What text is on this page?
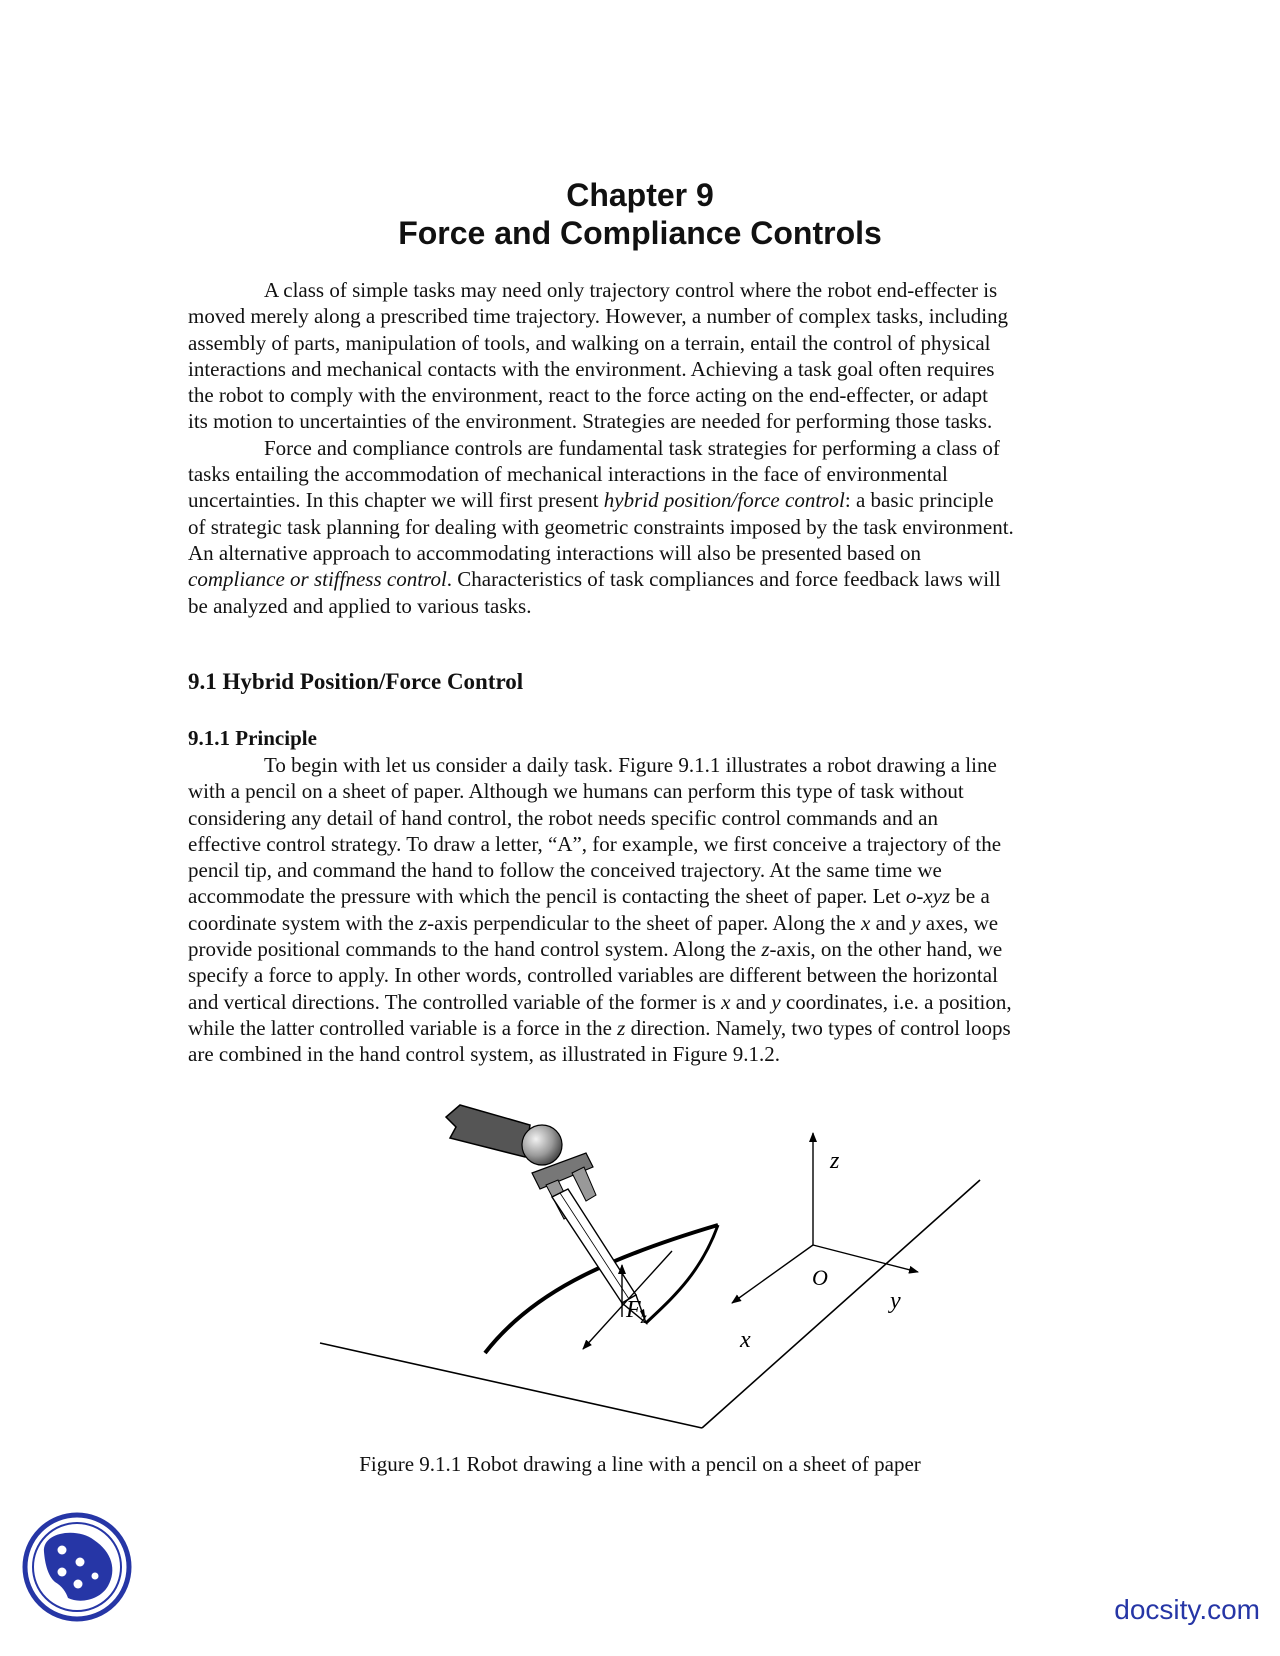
Chapter 9
Force and Compliance Controls
A class of simple tasks may need only trajectory control where the robot end-effecter is
moved merely along a prescribed time trajectory. However, a number of complex tasks, including
assembly of parts, manipulation of tools, and walking on a terrain, entail the control of physical
interactions and mechanical contacts with the environment. Achieving a task goal often requires
the robot to comply with the environment, react to the force acting on the end-effecter, or adapt
its motion to uncertainties of the environment. Strategies are needed for performing those tasks.
Force and compliance controls are fundamental task strategies for performing a class of
tasks entailing the accommodation of mechanical interactions in the face of environmental
uncertainties. In this chapter we will first present hybrid position/force control: a basic principle
of strategic task planning for dealing with geometric constraints imposed by the task environment.
An alternative approach to accommodating interactions will also be presented based on
compliance or stiffness control. Characteristics of task compliances and force feedback laws will
be analyzed and applied to various tasks.
9.1 Hybrid Position/Force Control
9.1.1 Principle
To begin with let us consider a daily task. Figure 9.1.1 illustrates a robot drawing a line
with a pencil on a sheet of paper. Although we humans can perform this type of task without
considering any detail of hand control, the robot needs specific control commands and an
effective control strategy. To draw a letter, “A”, for example, we first conceive a trajectory of the
pencil tip, and command the hand to follow the conceived trajectory. At the same time we
accommodate the pressure with which the pencil is contacting the sheet of paper. Let o-xyz be a
coordinate system with the z-axis perpendicular to the sheet of paper. Along the x and y axes, we
provide positional commands to the hand control system. Along the z-axis, on the other hand, we
specify a force to apply. In other words, controlled variables are different between the horizontal
and vertical directions. The controlled variable of the former is x and y coordinates, i.e. a position,
while the latter controlled variable is a force in the z direction. Namely, two types of control loops
are combined in the hand control system, as illustrated in Figure 9.1.2.
$F_z$
z
O
x
y
Figure 9.1.1 Robot drawing a line with a pencil on a sheet of paper
docsity.com
